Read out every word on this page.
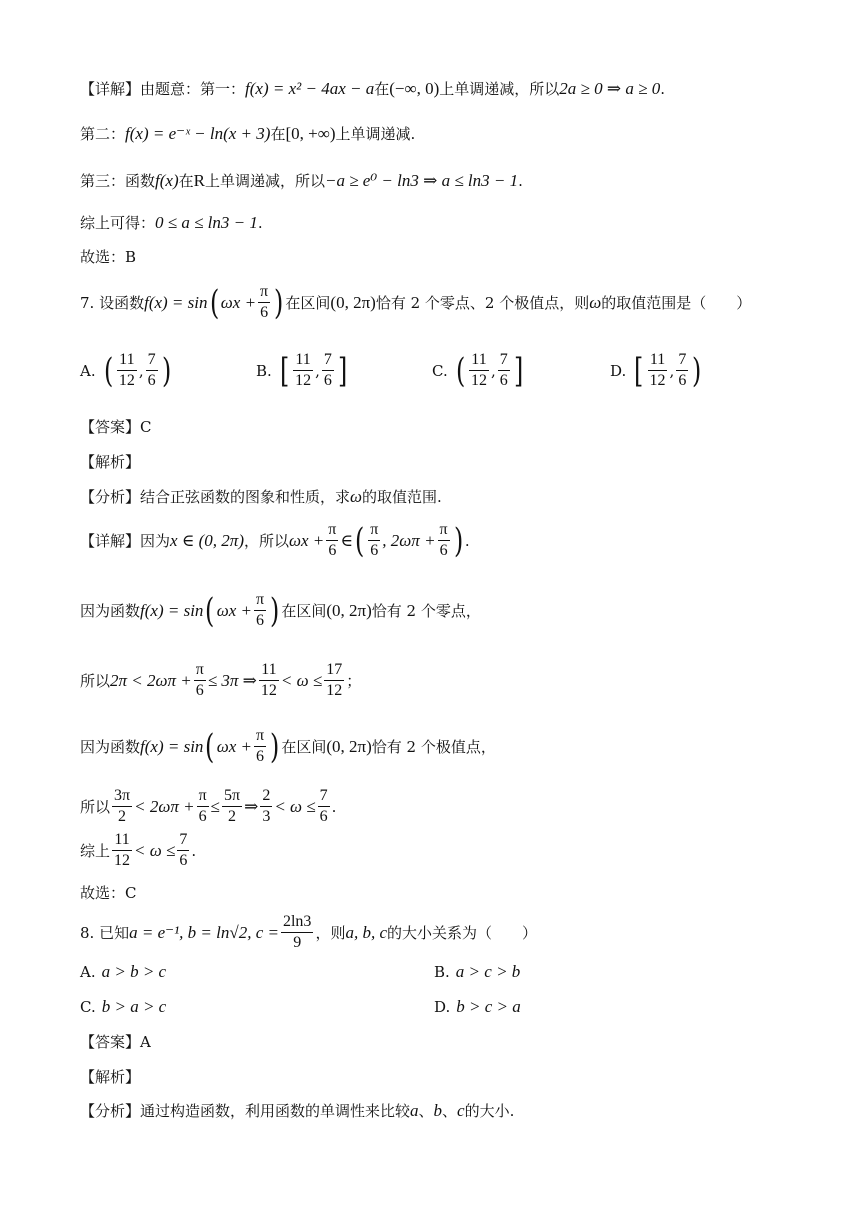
【详解】 由题意：第一： f(x) = x² − 4ax − a 在 (−∞, 0) 上单调递减，所以 2a ≥ 0 ⇒ a ≥ 0 .
第二： f(x) = e⁻ˣ − ln(x + 3) 在 [0, +∞) 上单调递减.
第三：函数 f(x) 在 R 上单调递减，所以 −a ≥ e⁰ − ln3 ⇒ a ≤ ln3 − 1 .
综上可得： 0 ≤ a ≤ ln3 − 1 .
故选：B
7. 设函数 f(x) = sin ( $\omega x + \frac{\pi}{6}$ ) 在区间 (0, 2π) 恰有 2 个零点、2 个极值点，则 ω 的取值范围是（　　）
A. ( $\frac{11}{12}$ , $\frac{7}{6}$ )	B. [ $\frac{11}{12}$ , $\frac{7}{6}$ ]	C. ( $\frac{11}{12}$ , $\frac{7}{6}$ ]	D. [ $\frac{11}{12}$ , $\frac{7}{6}$ )
【答案】C
【解析】
【分析】结合正弦函数的图象和性质，求 ω 的取值范围.
【详解】因为 x ∈ (0, 2π) ，所以 $\omega x + \frac{\pi}{6}$ ∈ ( $\frac{\pi}{6}$ , $2\omega\pi + \frac{\pi}{6}$ ) .
因为函数 f(x) = sin ( $\omega x + \frac{\pi}{6}$ ) 在区间 (0, 2π) 恰有 2 个零点，
所以 $2\pi < 2\omega\pi + \frac{\pi}{6} \le 3\pi$ ⇒ $\frac{11}{12} < \omega \le \frac{17}{12}$ ；
因为函数 f(x) = sin ( $\omega x + \frac{\pi}{6}$ ) 在区间 (0, 2π) 恰有 2 个极值点，
所以 $\frac{3\pi}{2} < 2\omega\pi + \frac{\pi}{6} \le \frac{5\pi}{2}$ ⇒ $\frac{2}{3} < \omega \le \frac{7}{6}$ .
综上 $\frac{11}{12} < \omega \le \frac{7}{6}$ .
故选：C
8. 已知 a = e⁻¹, b = ln√2, $c = \frac{2\ln 3}{9}$ ，则 a, b, c 的大小关系为（　　）
A. a > b > c	B. a > c > b
C. b > a > c	D. b > c > a
【答案】A
【解析】
【分析】通过构造函数，利用函数的单调性来比较 a 、 b 、 c 的大小.
